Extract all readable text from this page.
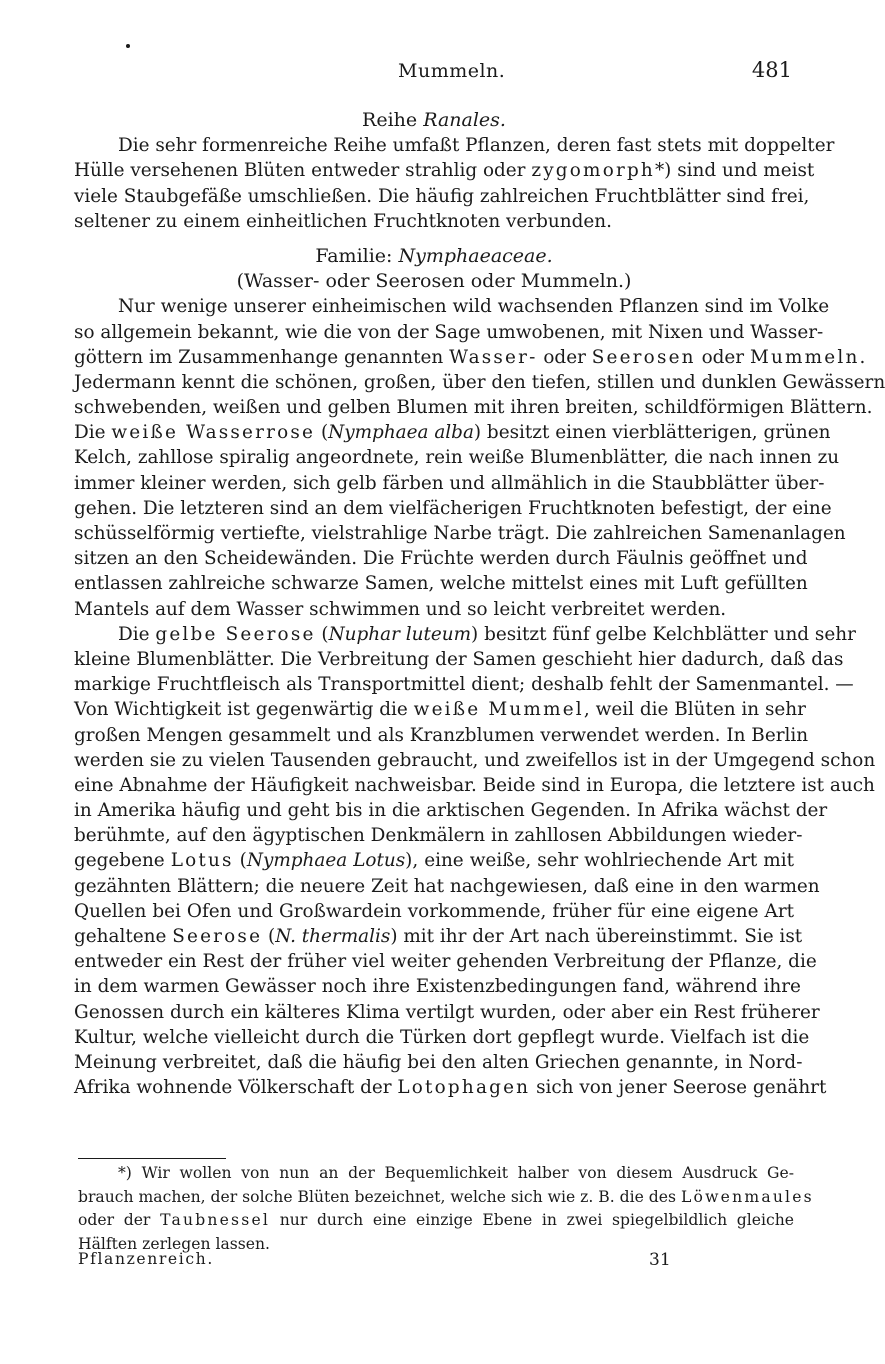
Mummeln.	481
Reihe Ranales.
Die sehr formenreiche Reihe umfaßt Pflanzen, deren fast stets mit doppelter
Hülle versehenen Blüten entweder strahlig oder zygomorph*) sind und meist
viele Staubgefäße umschließen. Die häufig zahlreichen Fruchtblätter sind frei,
seltener zu einem einheitlichen Fruchtknoten verbunden.
Familie: Nymphaeaceae.
(Wasser- oder Seerosen oder Mummeln.)
Nur wenige unserer einheimischen wild wachsenden Pflanzen sind im Volke
so allgemein bekannt, wie die von der Sage umwobenen, mit Nixen und Wasser-
göttern im Zusammenhange genannten Wasser- oder Seerosen oder Mummeln.
Jedermann kennt die schönen, großen, über den tiefen, stillen und dunklen Gewässern
schwebenden, weißen und gelben Blumen mit ihren breiten, schildförmigen Blättern.
Die weiße Wasserrose (Nymphaea alba) besitzt einen vierblätterigen, grünen
Kelch, zahllose spiralig angeordnete, rein weiße Blumenblätter, die nach innen zu
immer kleiner werden, sich gelb färben und allmählich in die Staubblätter über-
gehen. Die letzteren sind an dem vielfächerigen Fruchtknoten befestigt, der eine
schüsselförmig vertiefte, vielstrahlige Narbe trägt. Die zahlreichen Samenanlagen
sitzen an den Scheidewänden. Die Früchte werden durch Fäulnis geöffnet und
entlassen zahlreiche schwarze Samen, welche mittelst eines mit Luft gefüllten
Mantels auf dem Wasser schwimmen und so leicht verbreitet werden.
Die gelbe Seerose (Nuphar luteum) besitzt fünf gelbe Kelchblätter und sehr
kleine Blumenblätter. Die Verbreitung der Samen geschieht hier dadurch, daß das
markige Fruchtfleisch als Transportmittel dient; deshalb fehlt der Samenmantel. —
Von Wichtigkeit ist gegenwärtig die weiße Mummel, weil die Blüten in sehr
großen Mengen gesammelt und als Kranzblumen verwendet werden. In Berlin
werden sie zu vielen Tausenden gebraucht, und zweifellos ist in der Umgegend schon
eine Abnahme der Häufigkeit nachweisbar. Beide sind in Europa, die letztere ist auch
in Amerika häufig und geht bis in die arktischen Gegenden. In Afrika wächst der
berühmte, auf den ägyptischen Denkmälern in zahllosen Abbildungen wieder-
gegebene Lotus (Nymphaea Lotus), eine weiße, sehr wohlriechende Art mit
gezähnten Blättern; die neuere Zeit hat nachgewiesen, daß eine in den warmen
Quellen bei Ofen und Großwardein vorkommende, früher für eine eigene Art
gehaltene Seerose (N. thermalis) mit ihr der Art nach übereinstimmt. Sie ist
entweder ein Rest der früher viel weiter gehenden Verbreitung der Pflanze, die
in dem warmen Gewässer noch ihre Existenzbedingungen fand, während ihre
Genossen durch ein kälteres Klima vertilgt wurden, oder aber ein Rest früherer
Kultur, welche vielleicht durch die Türken dort gepflegt wurde. Vielfach ist die
Meinung verbreitet, daß die häufig bei den alten Griechen genannte, in Nord-
Afrika wohnende Völkerschaft der Lotophagen sich von jener Seerose genährt
*) Wir wollen von nun an der Bequemlichkeit halber von diesem Ausdruck Ge-
brauch machen, der solche Blüten bezeichnet, welche sich wie z. B. die des Löwenmaules
oder der Taubnessel nur durch eine einzige Ebene in zwei spiegelbildlich gleiche
Hälften zerlegen lassen.
Pflanzenreich.	31
